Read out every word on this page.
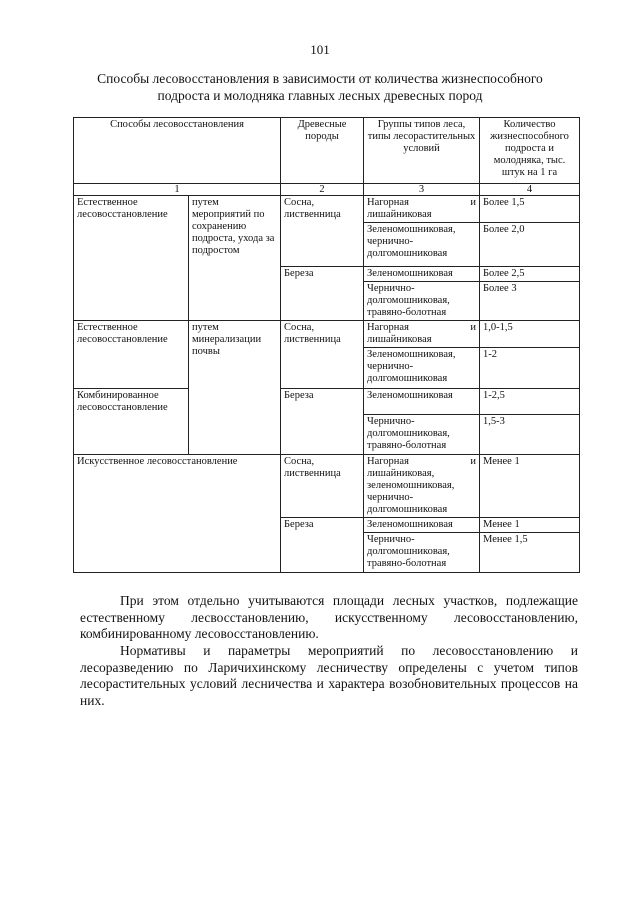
101
Способы лесовосстановления в зависимости от количества жизнеспособного подроста и молодняка главных лесных древесных пород
Способы лесовосстановления		Древесные породы	Группы типов леса, типы лесорастительных условий	Количество жизнеспособного подроста и молодняка, тыс. штук на 1 га
1		2	3	4
Естественное лесовосстановление	путем мероприятий по сохранению подроста, ухода за подростом	Сосна, лиственница	Нагорная и лишайниковая	Более 1,5
			Зеленомошниковая, чернично-долгомошниковая	Более 2,0
		Береза	Зеленомошниковая	Более 2,5
			Чернично-долгомошниковая, травяно-болотная	Более 3
Естественное лесовосстановление	путем минерализации почвы	Сосна, лиственница	Нагорная и лишайниковая	1,0-1,5
			Зеленомошниковая, чернично-долгомошниковая	1-2
Комбинированное лесовосстановление		Береза	Зеленомошниковая	1-2,5
			Чернично-долгомошниковая, травяно-болотная	1,5-3
Искусственное лесовосстановление		Сосна, лиственница	Нагорная и лишайниковая, зеленомошниковая, чернично-долгомошниковая	Менее 1
		Береза	Зеленомошниковая	Менее 1
			Чернично-долгомошниковая, травяно-болотная	Менее 1,5
При этом отдельно учитываются площади лесных участков, подлежащие естественному лесвосстановлению, искусственному лесовосстановлению, комбинированному лесовосстановлению.
Нормативы и параметры мероприятий по лесовосстановлению и лесоразведению по Ларичихинскому лесничеству определены с учетом типов лесорастительных условий лесничества и характера возобновительных процессов на них.
